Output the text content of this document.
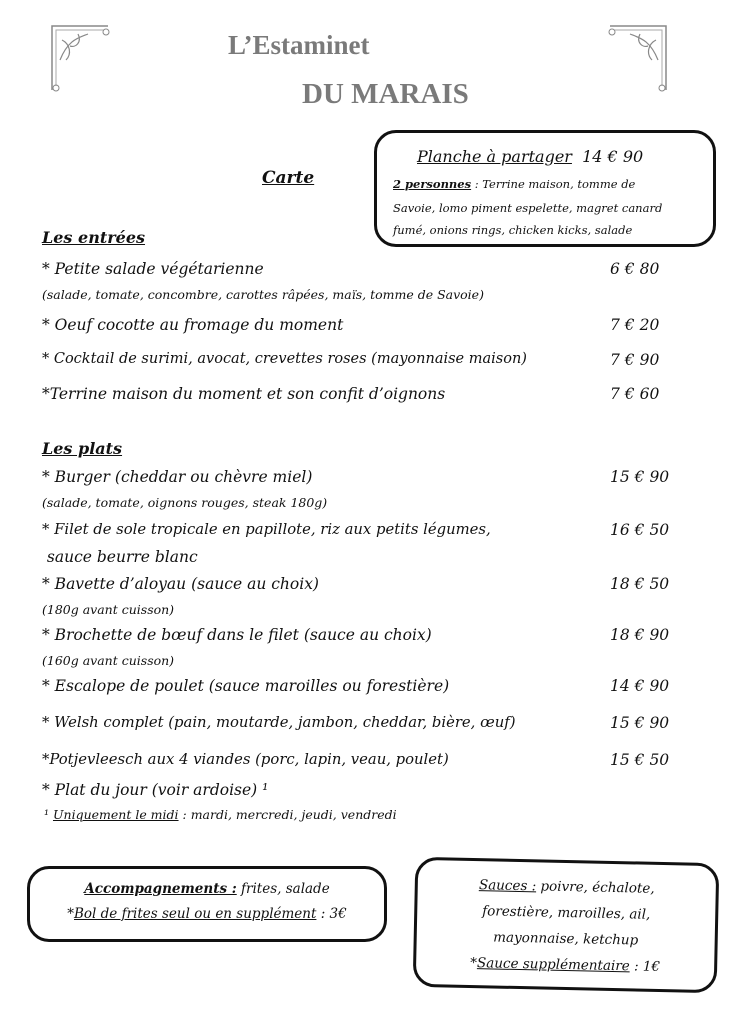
L’Estaminet
DU MARAIS
Planche à partager 14 € 90
2 personnes : Terrine maison, tomme de
Savoie, lomo piment espelette, magret canard
fumé, onions rings, chicken kicks, salade
Carte
Les entrées
* Petite salade végétarienne	6 € 80
(salade, tomate, concombre, carottes râpées, maïs, tomme de Savoie)
* Oeuf cocotte au fromage du moment	7 € 20
* Cocktail de surimi, avocat, crevettes roses (mayonnaise maison)	7 € 90
*Terrine maison du moment et son confit d’oignons	7 € 60
Les plats
* Burger (cheddar ou chèvre miel)	15 € 90
(salade, tomate, oignons rouges, steak 180g)
* Filet de sole tropicale en papillote, riz aux petits légumes,	16 € 50
sauce beurre blanc
* Bavette d’aloyau (sauce au choix)	18 € 50
(180g avant cuisson)
* Brochette de bœuf dans le filet (sauce au choix)	18 € 90
(160g avant cuisson)
* Escalope de poulet (sauce maroilles ou forestière)	14 € 90
* Welsh complet (pain, moutarde, jambon, cheddar, bière, œuf)	15 € 90
*Potjevleesch aux 4 viandes (porc, lapin, veau, poulet)	15 € 50
* Plat du jour (voir ardoise) ¹
¹ Uniquement le midi : mardi, mercredi, jeudi, vendredi
Accompagnements : frites, salade
*Bol de frites seul ou en supplément : 3€
Sauces : poivre, échalote,
forestière, maroilles, ail,
mayonnaise, ketchup
*Sauce supplémentaire : 1€
